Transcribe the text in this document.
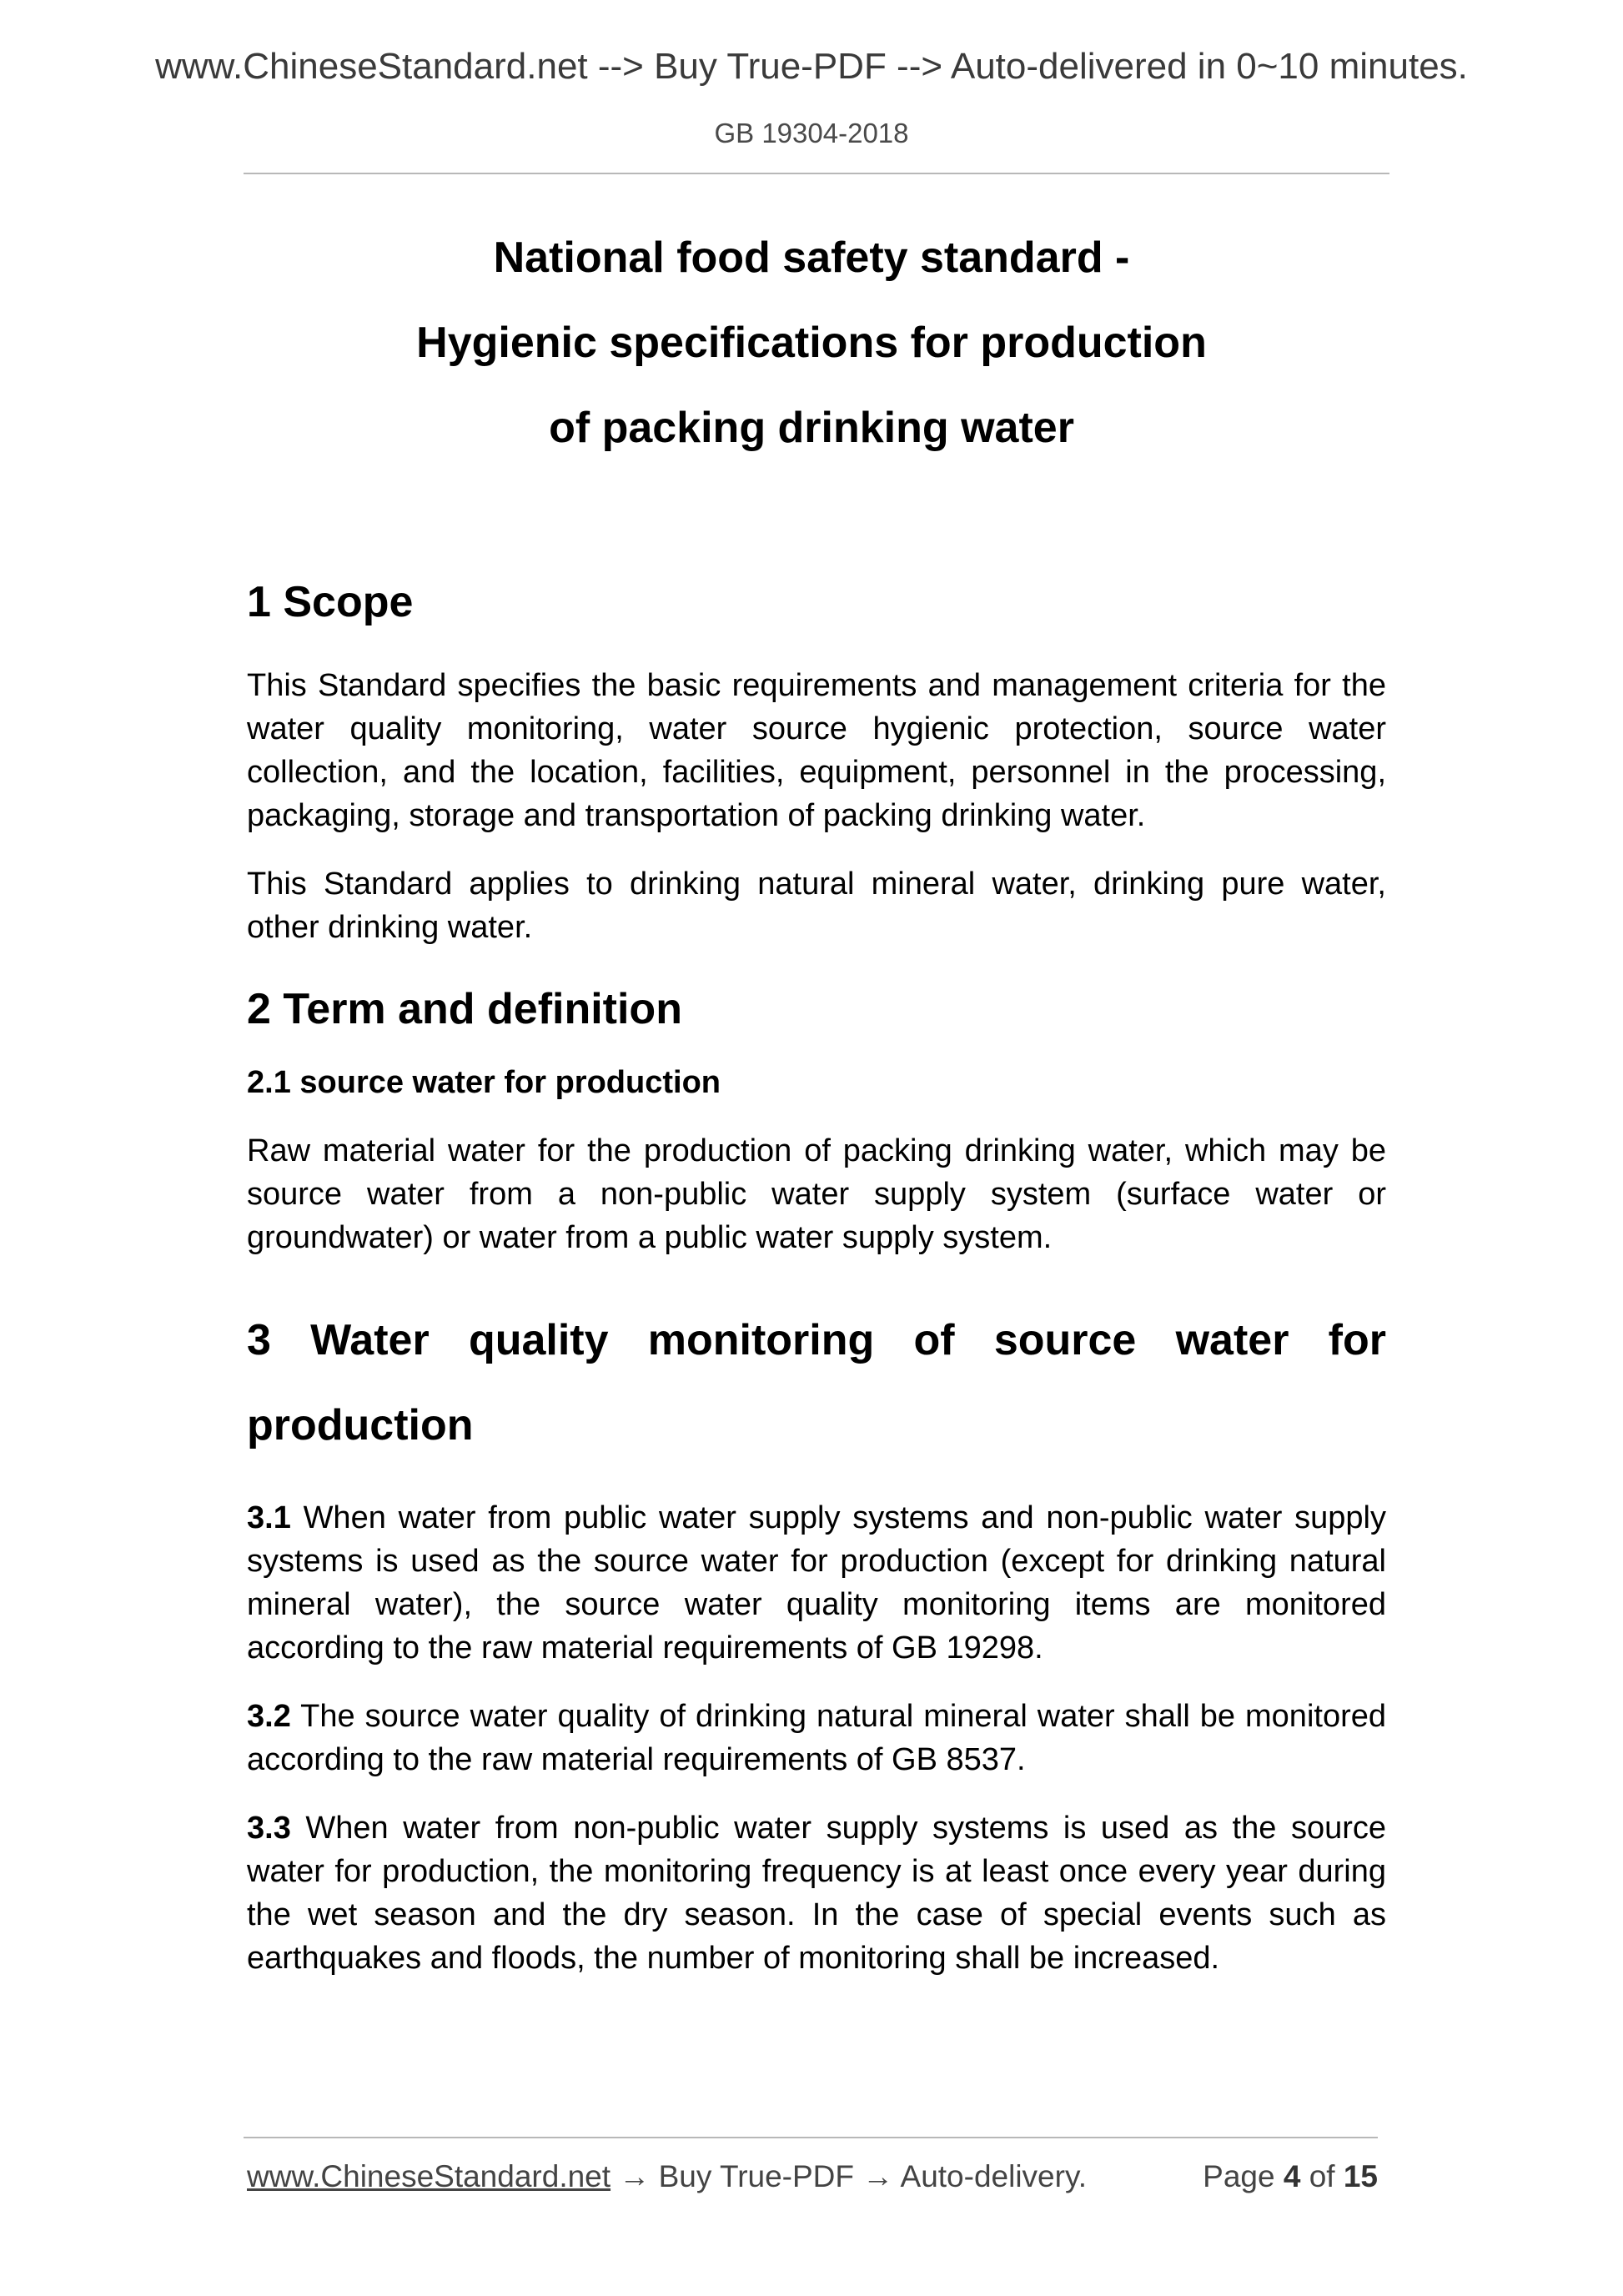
www.ChineseStandard.net --> Buy True-PDF --> Auto-delivered in 0~10 minutes.
GB 19304-2018
National food safety standard -
Hygienic specifications for production
of packing drinking water
1 Scope

This Standard specifies the basic requirements and management criteria for the water quality monitoring, water source hygienic protection, source water collection, and the location, facilities, equipment, personnel in the processing, packaging, storage and transportation of packing drinking water.

This Standard applies to drinking natural mineral water, drinking pure water, other drinking water.

2 Term and definition
2.1 source water for production

Raw material water for the production of packing drinking water, which may be source water from a non-public water supply system (surface water or groundwater) or water from a public water supply system.

3 Water quality monitoring of source water for production

3.1 When water from public water supply systems and non-public water supply systems is used as the source water for production (except for drinking natural mineral water), the source water quality monitoring items are monitored according to the raw material requirements of GB 19298.

3.2 The source water quality of drinking natural mineral water shall be monitored according to the raw material requirements of GB 8537.

3.3 When water from non-public water supply systems is used as the source water for production, the monitoring frequency is at least once every year during the wet season and the dry season. In the case of special events such as earthquakes and floods, the number of monitoring shall be increased.

www.ChineseStandard.net → Buy True-PDF → Auto-delivery.	Page 4 of 15
